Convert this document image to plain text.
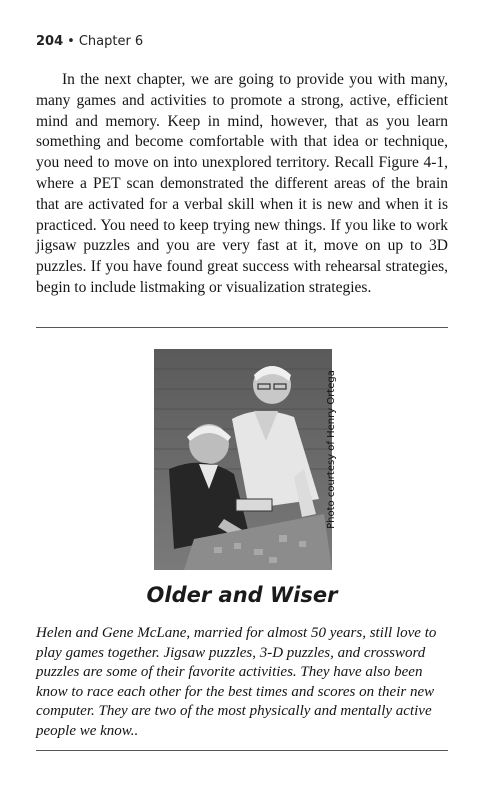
204 • Chapter 6

In the next chapter, we are going to provide you with many, many games and activities to promote a strong, active, efficient mind and memory. Keep in mind, however, that as you learn something and become comfortable with that idea or technique, you need to move on into unexplored territory. Recall Figure 4-1, where a PET scan demonstrated the different areas of the brain that are activated for a verbal skill when it is new and when it is practiced. You need to keep trying new things. If you like to work jigsaw puzzles and you are very fast at it, move on up to 3D puzzles. If you have found great success with rehearsal strategies, begin to include listmaking or visualization strategies.

Photo courtesy of Henry Ortega
Older and Wiser

Helen and Gene McLane, married for almost 50 years, still love to play games together. Jigsaw puzzles, 3-D puzzles, and crossword puzzles are some of their favorite activities. They have also been know to race each other for the best times and scores on their new computer. They are two of the most physically and mentally active people we know..
